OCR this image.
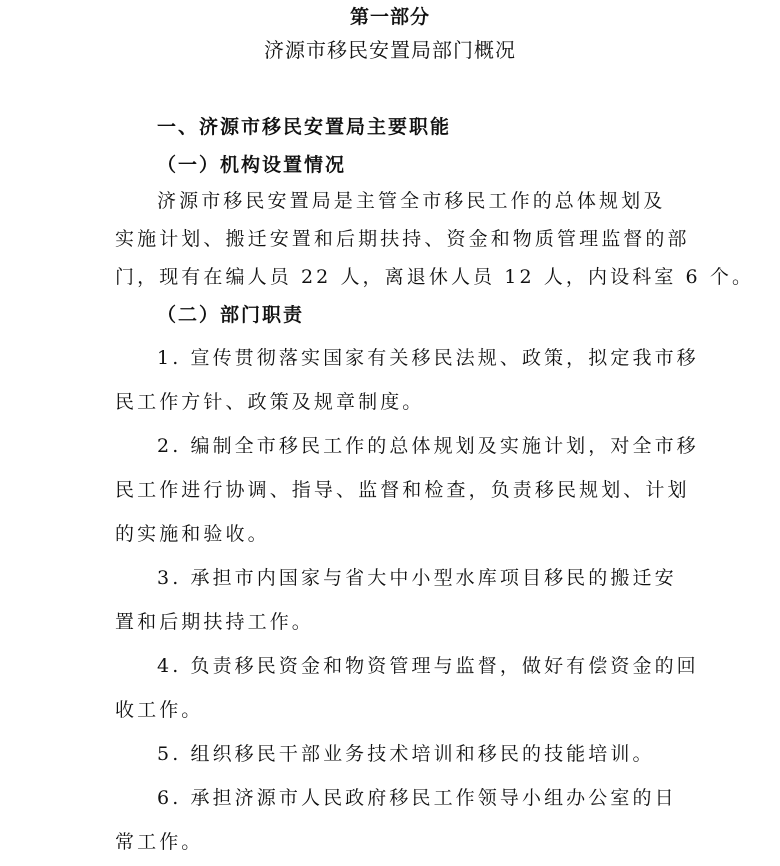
第一部分
济源市移民安置局部门概况
一、济源市移民安置局主要职能
（一）机构设置情况
济源市移民安置局是主管全市移民工作的总体规划及
实施计划、搬迁安置和后期扶持、资金和物质管理监督的部
门，现有在编人员 22 人，离退休人员 12 人，内设科室 6 个。
（二）部门职责
1. 宣传贯彻落实国家有关移民法规、政策，拟定我市移
民工作方针、政策及规章制度。
2. 编制全市移民工作的总体规划及实施计划，对全市移
民工作进行协调、指导、监督和检查，负责移民规划、计划
的实施和验收。
3. 承担市内国家与省大中小型水库项目移民的搬迁安
置和后期扶持工作。
4. 负责移民资金和物资管理与监督，做好有偿资金的回
收工作。
5. 组织移民干部业务技术培训和移民的技能培训。
6. 承担济源市人民政府移民工作领导小组办公室的日
常工作。
